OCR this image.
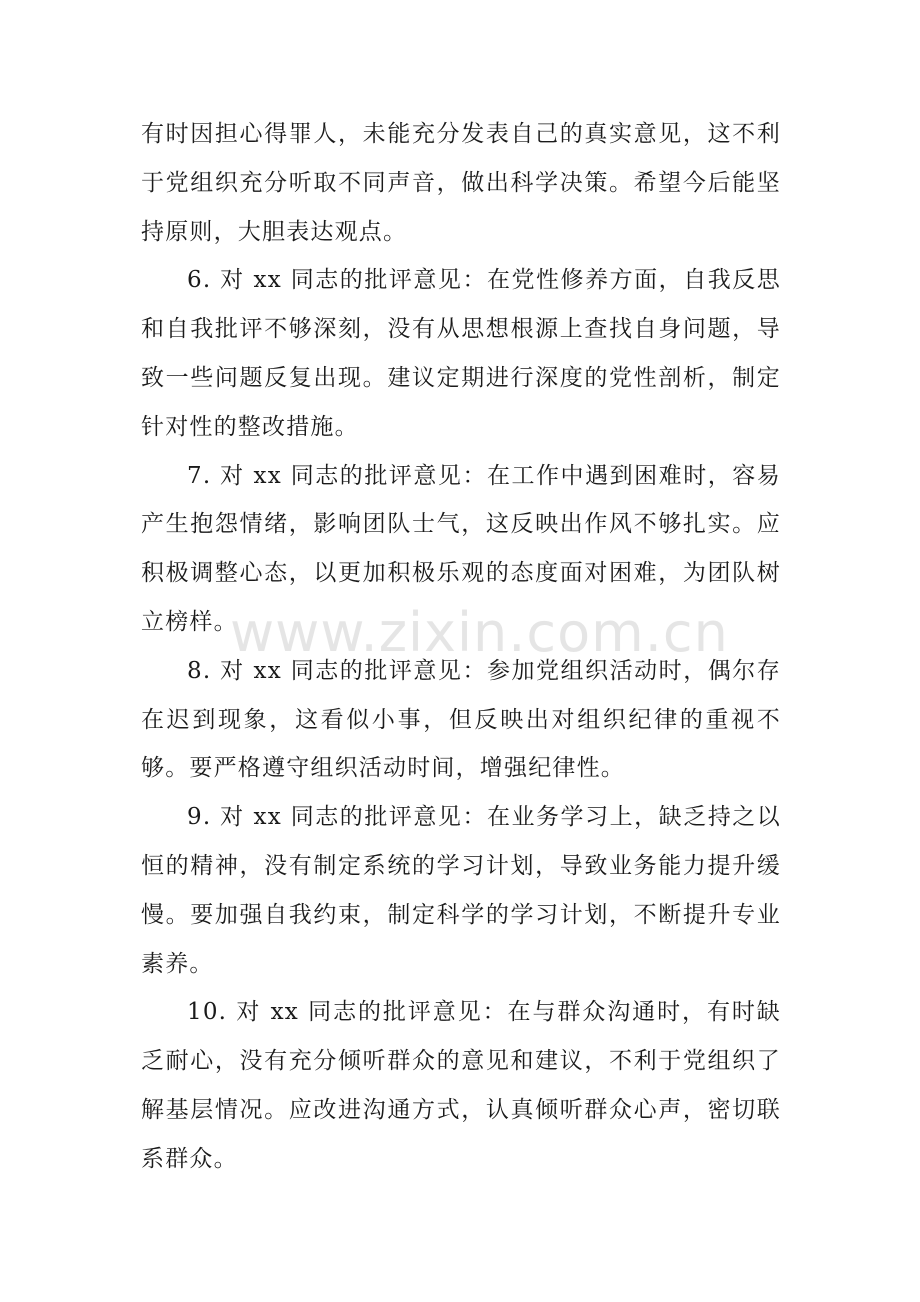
有时因担心得罪人，未能充分发表自己的真实意见，这不利于党组织充分听取不同声音，做出科学决策。希望今后能坚持原则，大胆表达观点。

6. 对 xx 同志的批评意见：在党性修养方面，自我反思和自我批评不够深刻，没有从思想根源上查找自身问题，导致一些问题反复出现。建议定期进行深度的党性剖析，制定针对性的整改措施。

7. 对 xx 同志的批评意见：在工作中遇到困难时，容易产生抱怨情绪，影响团队士气，这反映出作风不够扎实。应积极调整心态，以更加积极乐观的态度面对困难，为团队树立榜样。

8. 对 xx 同志的批评意见：参加党组织活动时，偶尔存在迟到现象，这看似小事，但反映出对组织纪律的重视不够。要严格遵守组织活动时间，增强纪律性。

9. 对 xx 同志的批评意见：在业务学习上，缺乏持之以恒的精神，没有制定系统的学习计划，导致业务能力提升缓慢。要加强自我约束，制定科学的学习计划，不断提升专业素养。

10. 对 xx 同志的批评意见：在与群众沟通时，有时缺乏耐心，没有充分倾听群众的意见和建议，不利于党组织了解基层情况。应改进沟通方式，认真倾听群众心声，密切联系群众。

www.zixin.com.cn
